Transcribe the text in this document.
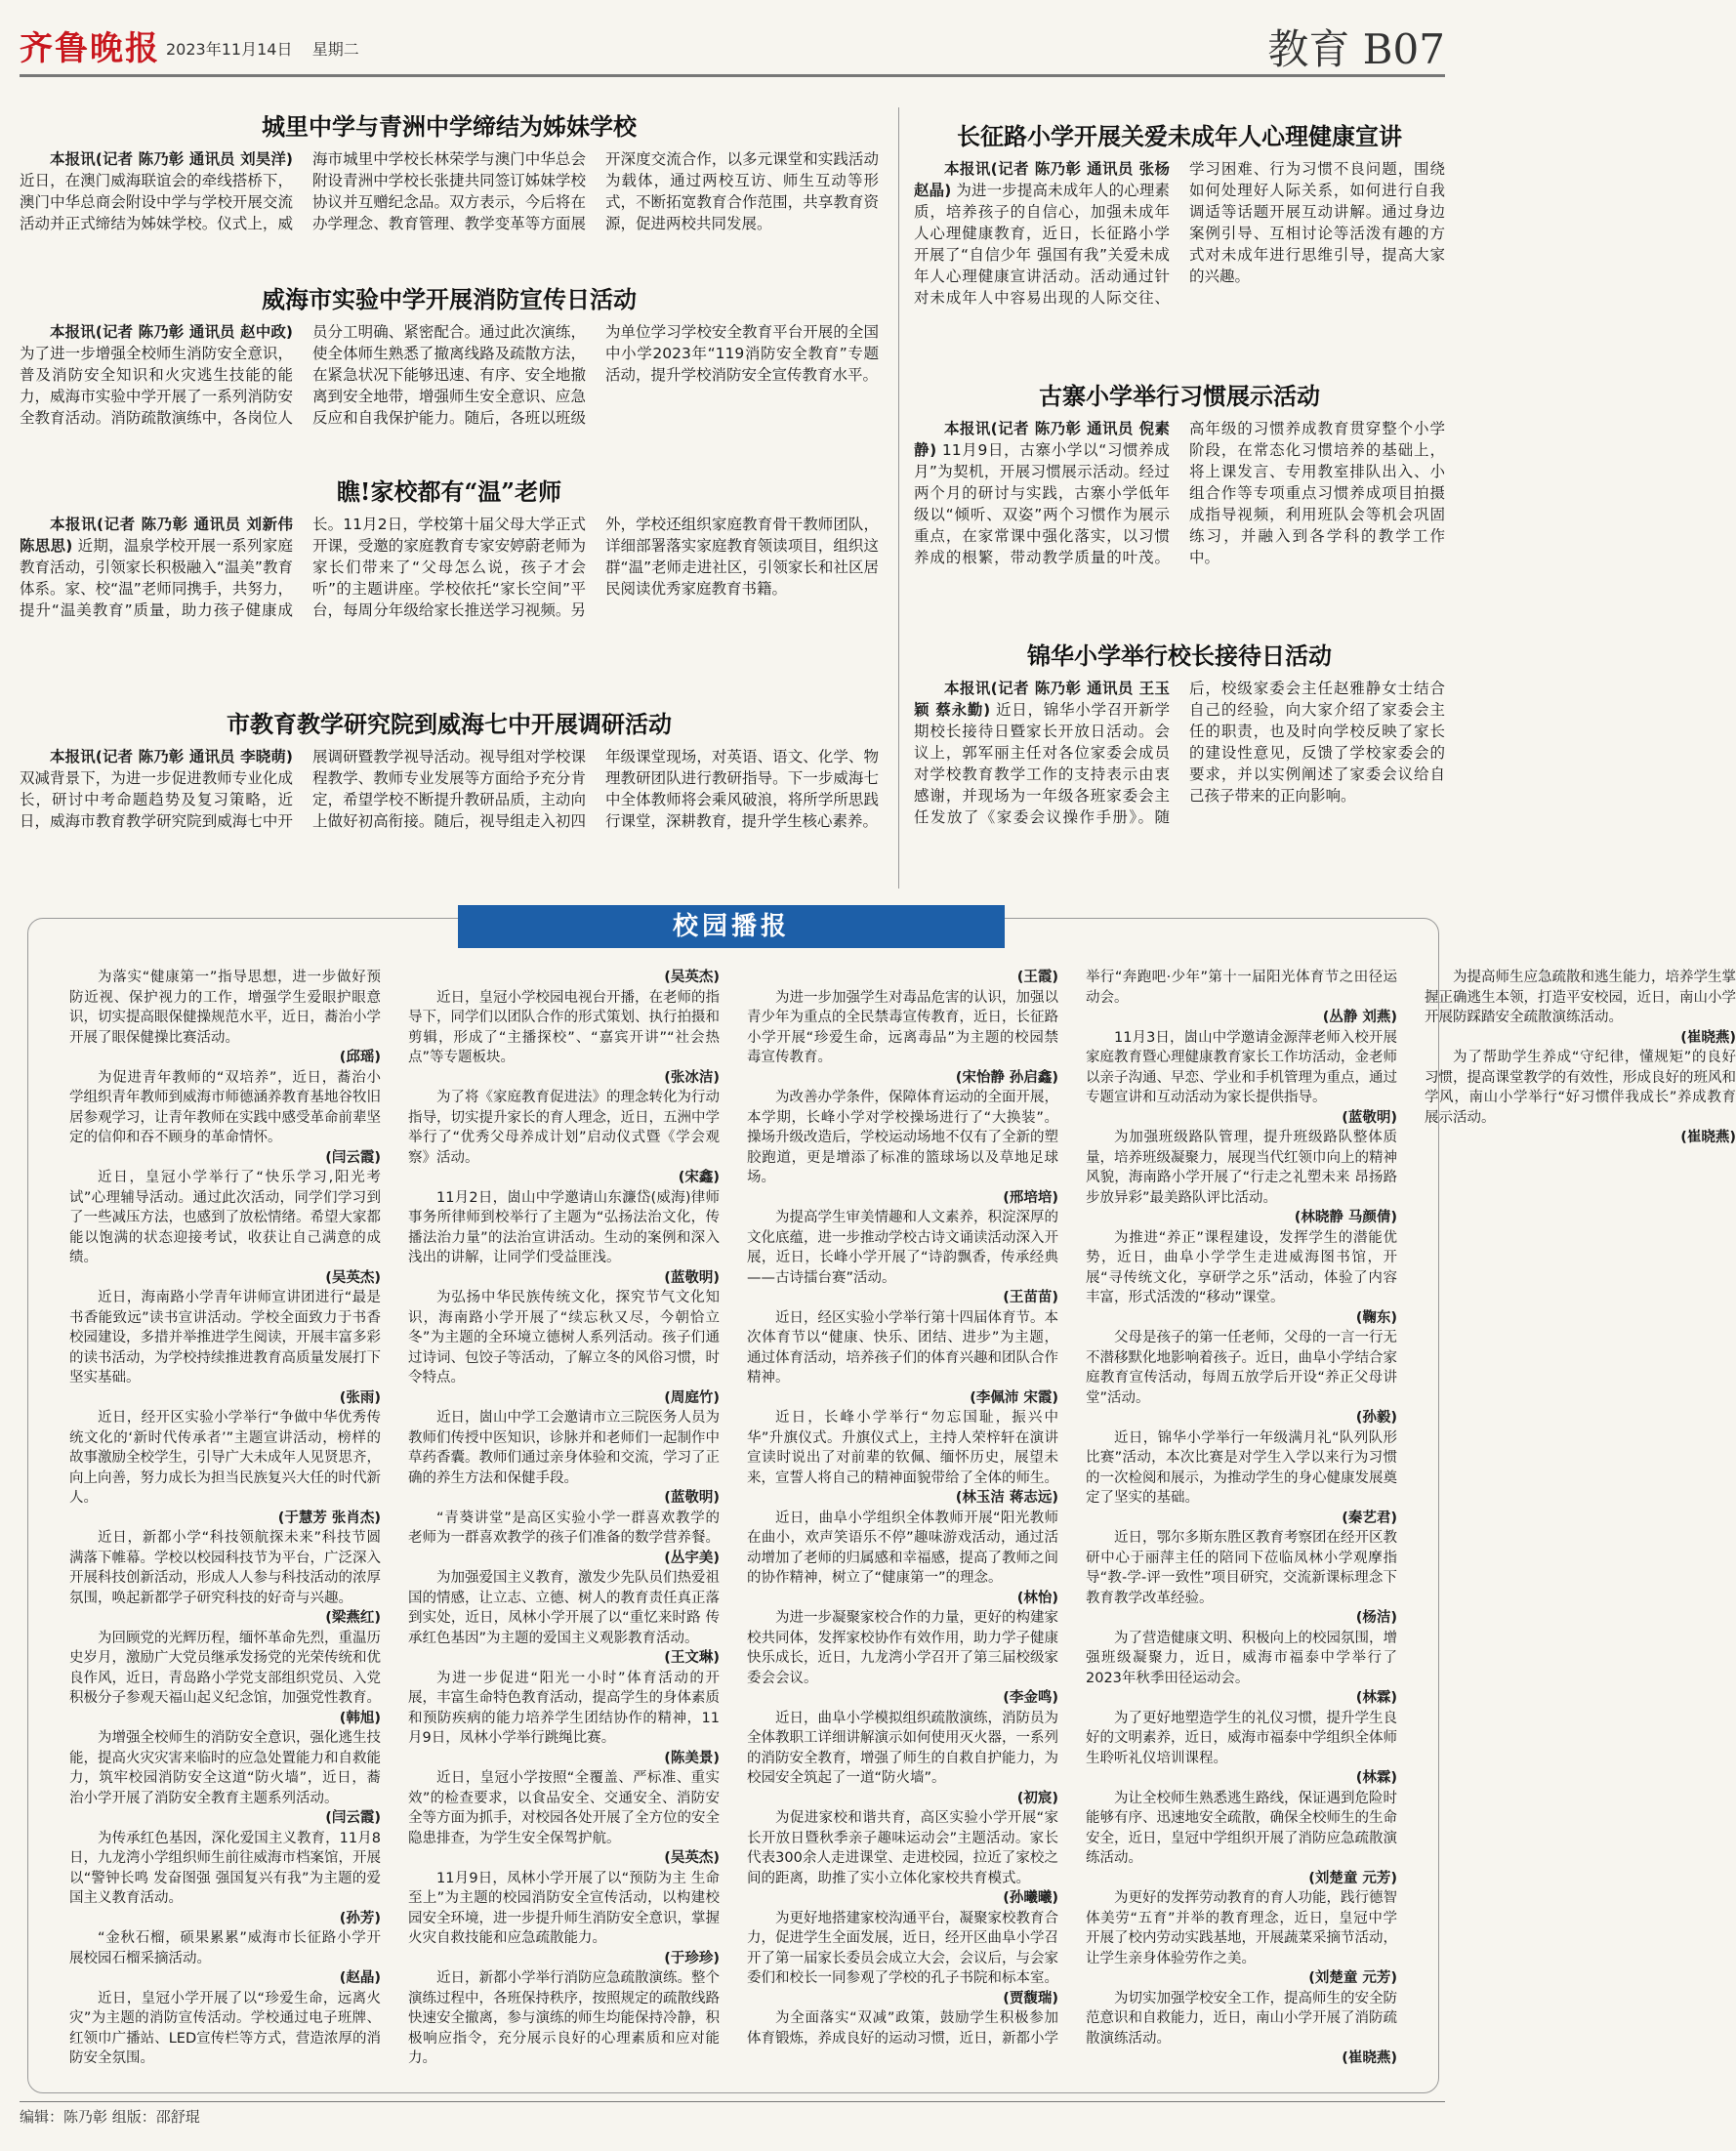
齐鲁晚报 2023年11月14日 星期二	教育 B07
城里中学与青洲中学缔结为姊妹学校

本报讯(记者 陈乃彰 通讯员 刘昊洋) 近日，在澳门威海联谊会的牵线搭桥下，澳门中华总商会附设中学与学校开展交流活动并正式缔结为姊妹学校。仪式上，威海市城里中学校长林荣学与澳门中华总会附设青洲中学校长张捷共同签订姊妹学校协议并互赠纪念品。双方表示，今后将在办学理念、教育管理、教学变革等方面展开深度交流合作，以多元课堂和实践活动为载体，通过两校互访、师生互动等形式，不断拓宽教育合作范围，共享教育资源，促进两校共同发展。

威海市实验中学开展消防宣传日活动

本报讯(记者 陈乃彰 通讯员 赵中政) 为了进一步增强全校师生消防安全意识，普及消防安全知识和火灾逃生技能的能力，威海市实验中学开展了一系列消防安全教育活动。消防疏散演练中，各岗位人员分工明确、紧密配合。通过此次演练，使全体师生熟悉了撤离线路及疏散方法，在紧急状况下能够迅速、有序、安全地撤离到安全地带，增强师生安全意识、应急反应和自我保护能力。随后，各班以班级为单位学习学校安全教育平台开展的全国中小学2023年“119消防安全教育”专题活动，提升学校消防安全宣传教育水平。

瞧!家校都有“温”老师

本报讯(记者 陈乃彰 通讯员 刘新伟 陈思思) 近期，温泉学校开展一系列家庭教育活动，引领家长积极融入“温美”教育体系。家、校“温”老师同携手，共努力，提升“温美教育”质量，助力孩子健康成长。11月2日，学校第十届父母大学正式开课，受邀的家庭教育专家安婷蔚老师为家长们带来了“父母怎么说，孩子才会听”的主题讲座。学校依托“家长空间”平台，每周分年级给家长推送学习视频。另外，学校还组织家庭教育骨干教师团队，详细部署落实家庭教育领读项目，组织这群“温”老师走进社区，引领家长和社区居民阅读优秀家庭教育书籍。

市教育教学研究院到威海七中开展调研活动

本报讯(记者 陈乃彰 通讯员 李晓萌) 双减背景下，为进一步促进教师专业化成长，研讨中考命题趋势及复习策略，近日，威海市教育教学研究院到威海七中开展调研暨教学视导活动。视导组对学校课程教学、教师专业发展等方面给予充分肯定，希望学校不断提升教研品质，主动向上做好初高衔接。随后，视导组走入初四年级课堂现场，对英语、语文、化学、物理教研团队进行教研指导。下一步威海七中全体教师将会乘风破浪，将所学所思践行课堂，深耕教育，提升学生核心素养。

长征路小学开展关爱未成年人心理健康宣讲

本报讯(记者 陈乃彰 通讯员 张杨 赵晶) 为进一步提高未成年人的心理素质，培养孩子的自信心，加强未成年人心理健康教育，近日，长征路小学开展了“自信少年 强国有我”关爱未成年人心理健康宣讲活动。活动通过针对未成年人中容易出现的人际交往、学习困难、行为习惯不良问题，围绕如何处理好人际关系，如何进行自我调适等话题开展互动讲解。通过身边案例引导、互相讨论等活泼有趣的方式对未成年进行思维引导，提高大家的兴趣。

古寨小学举行习惯展示活动

本报讯(记者 陈乃彰 通讯员 倪素静) 11月9日，古寨小学以“习惯养成月”为契机，开展习惯展示活动。经过两个月的研讨与实践，古寨小学低年级以“倾听、双姿”两个习惯作为展示重点，在家常课中强化落实，以习惯养成的根繁，带动教学质量的叶茂。高年级的习惯养成教育贯穿整个小学阶段，在常态化习惯培养的基础上，将上课发言、专用教室排队出入、小组合作等专项重点习惯养成项目拍摄成指导视频，利用班队会等机会巩固练习，并融入到各学科的教学工作中。

锦华小学举行校长接待日活动

本报讯(记者 陈乃彰 通讯员 王玉颖 蔡永勤) 近日，锦华小学召开新学期校长接待日暨家长开放日活动。会议上，郭军丽主任对各位家委会成员对学校教育教学工作的支持表示由衷感谢，并现场为一年级各班家委会主任发放了《家委会议操作手册》。随后，校级家委会主任赵雅静女士结合自己的经验，向大家介绍了家委会主任的职责，也及时向学校反映了家长的建设性意见，反馈了学校家委会的要求，并以实例阐述了家委会议给自己孩子带来的正向影响。

校园播报

为落实“健康第一”指导思想，进一步做好预防近视、保护视力的工作，增强学生爱眼护眼意识，切实提高眼保健操规范水平，近日，蕎治小学开展了眼保健操比赛活动。
(邱瑶)

为促进青年教师的“双培养”，近日，蕎治小学组织青年教师到威海市师德涵养教育基地谷牧旧居参观学习，让青年教师在实践中感受革命前辈坚定的信仰和吞不顾身的革命情怀。
(闫云霞)

近日，皇冠小学举行了“快乐学习,阳光考试”心理辅导活动。通过此次活动，同学们学习到了一些减压方法，也感到了放松情绪。希望大家都能以饱满的状态迎接考试，收获让自己满意的成绩。
(吴英杰)

近日，海南路小学青年讲师宣讲团进行“最是书香能致远”读书宣讲活动。学校全面致力于书香校园建设，多措并举推进学生阅读，开展丰富多彩的读书活动，为学校持续推进教育高质量发展打下坚实基础。
(张雨)

近日，经开区实验小学举行“争做中华优秀传统文化的‘新时代传承者’”主题宣讲活动，榜样的故事激励全校学生，引导广大未成年人见贤思齐，向上向善，努力成长为担当民族复兴大任的时代新人。
(于慧芳 张肖杰)

近日，新都小学“科技领航探未来”科技节圆满落下帷幕。学校以校园科技节为平台，广泛深入开展科技创新活动，形成人人参与科技活动的浓厚氛围，唤起新都学子研究科技的好奇与兴趣。
(梁燕红)

为回顾党的光辉历程，缅怀革命先烈，重温历史岁月，激励广大党员继承发扬党的光荣传统和优良作风，近日，青岛路小学党支部组织党员、入党积极分子参观天福山起义纪念馆，加强党性教育。
(韩旭)

为增强全校师生的消防安全意识，强化逃生技能，提高火灾灾害来临时的应急处置能力和自救能力，筑牢校园消防安全这道“防火墙”，近日，蕎治小学开展了消防安全教育主题系列活动。
(闫云霞)

为传承红色基因，深化爱国主义教育，11月8日，九龙湾小学组织师生前往威海市档案馆，开展以“警钟长鸣 发奋图强 强国复兴有我”为主题的爱国主义教育活动。
(孙芳)

“金秋石榴，硕果累累”威海市长征路小学开展校园石榴采摘活动。
(赵晶)

近日，皇冠小学开展了以“珍爱生命，远离火灾”为主题的消防宣传活动。学校通过电子班牌、红领巾广播站、LED宣传栏等方式，营造浓厚的消防安全氛围。
(吴英杰)

近日，皇冠小学校园电视台开播，在老师的指导下，同学们以团队合作的形式策划、执行拍摄和剪辑，形成了“主播探校”、“嘉宾开讲”“社会热点”等专题板块。
(张冰洁)

为了将《家庭教育促进法》的理念转化为行动指导，切实提升家长的育人理念，近日，五洲中学举行了“优秀父母养成计划”启动仪式暨《学会观察》活动。
(宋鑫)

11月2日，崮山中学邀请山东濂岱(威海)律师事务所律师到校举行了主题为“弘扬法治文化，传播法治力量”的法治宣讲活动。生动的案例和深入浅出的讲解，让同学们受益匪浅。
(蓝敬明)

为弘扬中华民族传统文化，探究节气文化知识，海南路小学开展了“续忘秋又尽，今朝恰立冬”为主题的全环境立德树人系列活动。孩子们通过诗词、包饺子等活动，了解立冬的风俗习惯，时令特点。
(周庭竹)

近日，崮山中学工会邀请市立三院医务人员为教师们传授中医知识，诊脉并和老师们一起制作中草药香囊。教师们通过亲身体验和交流，学习了正确的养生方法和保健手段。
(蓝敬明)

“青葵讲堂”是高区实验小学一群喜欢教学的老师为一群喜欢教学的孩子们准备的数学营养餐。
(丛宇美)

为加强爱国主义教育，激发少先队员们热爱祖国的情感，让立志、立德、树人的教育责任真正落到实处，近日，凤林小学开展了以“重忆来时路 传承红色基因”为主题的爱国主义观影教育活动。
(王文琳)

为进一步促进“阳光一小时”体育活动的开展，丰富生命特色教育活动，提高学生的身体素质和预防疾病的能力培养学生团结协作的精神，11月9日，凤林小学举行跳绳比赛。
(陈美景)

近日，皇冠小学按照“全覆盖、严标准、重实效”的检查要求，以食品安全、交通安全、消防安全等方面为抓手，对校园各处开展了全方位的安全隐患排查，为学生安全保驾护航。
(吴英杰)

11月9日，凤林小学开展了以“预防为主 生命至上”为主题的校园消防安全宣传活动，以构建校园安全环境，进一步提升师生消防安全意识，掌握火灾自救技能和应急疏散能力。
(于珍珍)

近日，新都小学举行消防应急疏散演练。整个演练过程中，各班保持秩序，按照规定的疏散线路快速安全撤离，参与演练的师生均能保持冷静，积极响应指令，充分展示良好的心理素质和应对能力。
(王霞)

为进一步加强学生对毒品危害的认识，加强以青少年为重点的全民禁毒宣传教育，近日，长征路小学开展“珍爱生命，远离毒品”为主题的校园禁毒宣传教育。
(宋怡静 孙启鑫)

为改善办学条件，保障体育运动的全面开展，本学期，长峰小学对学校操场进行了“大换装”。操场升级改造后，学校运动场地不仅有了全新的塑胶跑道，更是增添了标准的篮球场以及草地足球场。
(邢培培)

为提高学生审美情趣和人文素养，积淀深厚的文化底蕴，进一步推动学校古诗文诵读活动深入开展，近日，长峰小学开展了“诗韵飘香，传承经典——古诗擂台赛”活动。
(王苗苗)

近日，经区实验小学举行第十四届体育节。本次体育节以“健康、快乐、团结、进步”为主题，通过体育活动，培养孩子们的体育兴趣和团队合作精神。
(李佩沛 宋霞)

近日，长峰小学举行“勿忘国耻，振兴中华”升旗仪式。升旗仪式上，主持人荣梓轩在演讲宣读时说出了对前辈的钦佩、缅怀历史，展望未来，宣誓人将自己的精神面貌带给了全体的师生。
(林玉洁 蒋志远)

近日，曲阜小学组织全体教师开展“阳光教师在曲小，欢声笑语乐不停”趣味游戏活动，通过活动增加了老师的归属感和幸福感，提高了教师之间的协作精神，树立了“健康第一”的理念。
(林怡)

为进一步凝聚家校合作的力量，更好的构建家校共同体，发挥家校协作有效作用，助力学子健康快乐成长，近日，九龙湾小学召开了第三届校级家委会会议。
(李金鸣)

近日，曲阜小学模拟组织疏散演练，消防员为全体教职工详细讲解演示如何使用灭火器，一系列的消防安全教育，增强了师生的自救自护能力，为校园安全筑起了一道“防火墙”。
(初宸)

为促进家校和谐共育，高区实验小学开展“家长开放日暨秋季亲子趣味运动会”主题活动。家长代表300余人走进课堂、走进校园，拉近了家校之间的距离，助推了实小立体化家校共育模式。
(孙曦曦)

为更好地搭建家校沟通平台，凝聚家校教育合力，促进学生全面发展，近日，经开区曲阜小学召开了第一届家长委员会成立大会，会议后，与会家委们和校长一同参观了学校的孔子书院和标本室。
(贾馥瑞)

为全面落实“双减”政策，鼓励学生积极参加体育锻炼，养成良好的运动习惯，近日，新都小学举行“奔跑吧·少年”第十一届阳光体育节之田径运动会。
(丛静 刘燕)

11月3日，崮山中学邀请金源萍老师入校开展家庭教育暨心理健康教育家长工作坊活动，金老师以亲子沟通、早恋、学业和手机管理为重点，通过专题宣讲和互动活动为家长提供指导。
(蓝敬明)

为加强班级路队管理，提升班级路队整体质量，培养班级凝聚力，展现当代红领巾向上的精神风貌，海南路小学开展了“行走之礼塑未来 昂扬路步放异彩”最美路队评比活动。
(林晓静 马颜倩)

为推进“养正”课程建设，发挥学生的潜能优势，近日，曲阜小学学生走进威海图书馆，开展“寻传统文化，享研学之乐”活动，体验了内容丰富，形式活泼的“移动”课堂。
(鞠东)

父母是孩子的第一任老师，父母的一言一行无不潜移默化地影响着孩子。近日，曲阜小学结合家庭教育宣传活动，每周五放学后开设“养正父母讲堂”活动。
(孙毅)

近日，锦华小学举行一年级满月礼“队列队形比赛”活动，本次比赛是对学生入学以来行为习惯的一次检阅和展示，为推动学生的身心健康发展奠定了坚实的基础。
(秦艺君)

近日，鄂尔多斯东胜区教育考察团在经开区教研中心于丽萍主任的陪同下莅临凤林小学观摩指导“教-学-评一致性”项目研究，交流新课标理念下教育教学改革经验。
(杨洁)

为了营造健康文明、积极向上的校园氛围，增强班级凝聚力，近日，威海市福泰中学举行了2023年秋季田径运动会。
(林霖)

为了更好地塑造学生的礼仪习惯，提升学生良好的文明素养，近日，威海市福泰中学组织全体师生聆听礼仪培训课程。
(林霖)

为让全校师生熟悉逃生路线，保证遇到危险时能够有序、迅速地安全疏散，确保全校师生的生命安全，近日，皇冠中学组织开展了消防应急疏散演练活动。
(刘楚童 元芳)

为更好的发挥劳动教育的育人功能，践行德智体美劳“五育”并举的教育理念，近日，皇冠中学开展了校内劳动实践基地，开展蔬菜采摘节活动，让学生亲身体验劳作之美。
(刘楚童 元芳)

为切实加强学校安全工作，提高师生的安全防范意识和自救能力，近日，南山小学开展了消防疏散演练活动。
(崔晓燕)

为提高师生应急疏散和逃生能力，培养学生掌握正确逃生本领，打造平安校园，近日，南山小学开展防踩踏安全疏散演练活动。
(崔晓燕)

为了帮助学生养成“守纪律，懂规矩”的良好习惯，提高课堂教学的有效性，形成良好的班风和学风，南山小学举行“好习惯伴我成长”养成教育展示活动。
(崔晓燕)

编辑：陈乃彰 组版：邵舒琨
